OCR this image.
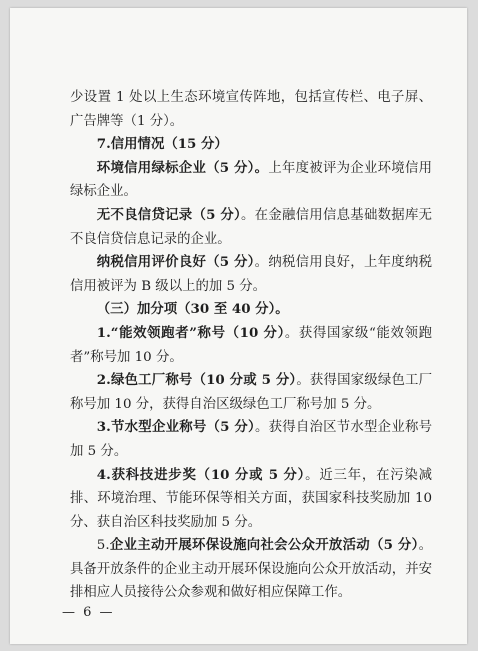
少设置 1 处以上生态环境宣传阵地，包括宣传栏、电子屏、广告牌等（1 分）。

7.信用情况（15 分）

环境信用绿标企业（5 分）。上年度被评为企业环境信用绿标企业。

无不良信贷记录（5 分）。在金融信用信息基础数据库无不良信贷信息记录的企业。

纳税信用评价良好（5 分）。纳税信用良好，上年度纳税信用被评为 B 级以上的加 5 分。

（三）加分项（30 至 40 分）。

1.“能效领跑者”称号（10 分）。获得国家级“能效领跑者”称号加 10 分。

2.绿色工厂称号（10 分或 5 分）。获得国家级绿色工厂称号加 10 分，获得自治区级绿色工厂称号加 5 分。

3.节水型企业称号（5 分）。获得自治区节水型企业称号加 5 分。

4.获科技进步奖（10 分或 5 分）。近三年，在污染减排、环境治理、节能环保等相关方面，获国家科技奖励加 10 分、获自治区科技奖励加 5 分。

5.企业主动开展环保设施向社会公众开放活动（5 分）。具备开放条件的企业主动开展环保设施向公众开放活动，并安排相应人员接待公众参观和做好相应保障工作。

— 6 —
